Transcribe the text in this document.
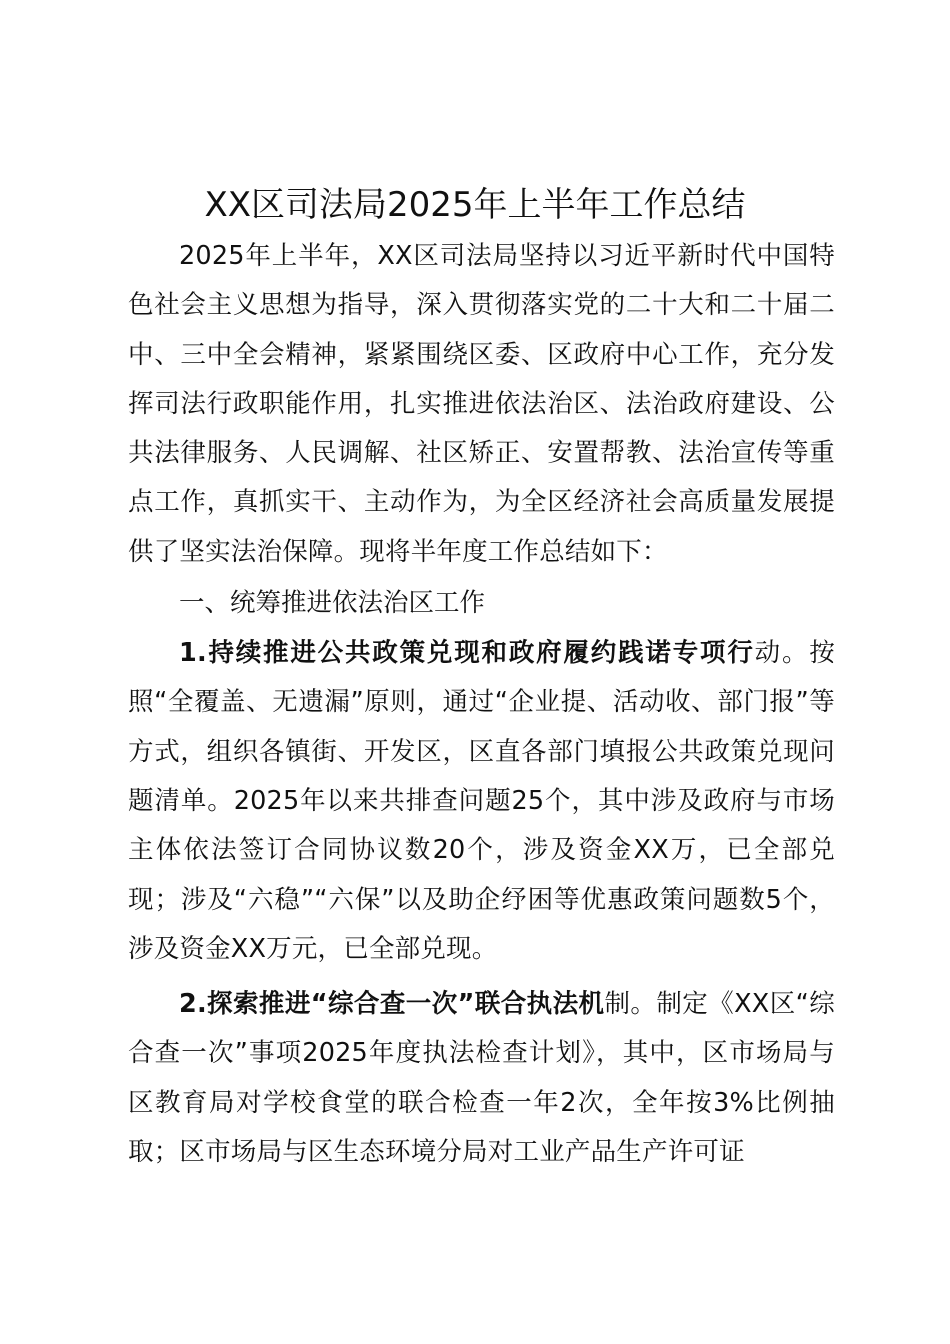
XX区司法局2025年上半年工作总结

2025年上半年，XX区司法局坚持以习近平新时代中国特色社会主义思想为指导，深入贯彻落实党的二十大和二十届二中、三中全会精神，紧紧围绕区委、区政府中心工作，充分发挥司法行政职能作用，扎实推进依法治区、法治政府建设、公共法律服务、人民调解、社区矫正、安置帮教、法治宣传等重点工作，真抓实干、主动作为，为全区经济社会高质量发展提供了坚实法治保障。现将半年度工作总结如下：

一、统筹推进依法治区工作

1.持续推进公共政策兑现和政府履约践诺专项行动。按照“全覆盖、无遗漏”原则，通过“企业提、活动收、部门报”等方式，组织各镇街、开发区，区直各部门填报公共政策兑现问题清单。2025年以来共排查问题25个，其中涉及政府与市场主体依法签订合同协议数20个，涉及资金XX万，已全部兑现；涉及“六稳”“六保”以及助企纾困等优惠政策问题数5个，涉及资金XX万元，已全部兑现。

2.探索推进“综合查一次”联合执法机制。制定《XX区“综合查一次”事项2025年度执法检查计划》，其中，区市场局与区教育局对学校食堂的联合检查一年2次，全年按3%比例抽取；区市场局与区生态环境分局对工业产品生产许可证
